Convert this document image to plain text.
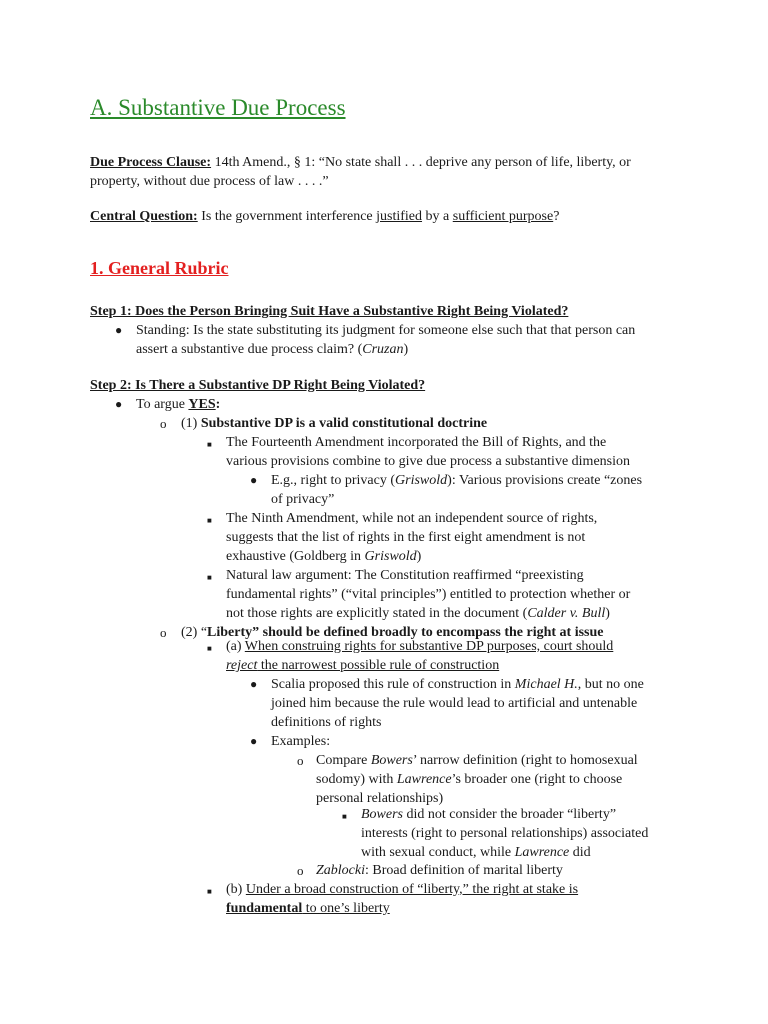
A. Substantive Due Process
Due Process Clause: 14th Amend., § 1: “No state shall . . . deprive any person of life, liberty, or
property, without due process of law . . . .”
Central Question: Is the government interference justified by a sufficient purpose?
1. General Rubric
Step 1: Does the Person Bringing Suit Have a Substantive Right Being Violated?
● Standing: Is the state substituting its judgment for someone else such that that person can
assert a substantive due process claim? (Cruzan)
Step 2: Is There a Substantive DP Right Being Violated?
● To argue YES:
o (1) Substantive DP is a valid constitutional doctrine
■ The Fourteenth Amendment incorporated the Bill of Rights, and the
various provisions combine to give due process a substantive dimension
● E.g., right to privacy (Griswold): Various provisions create “zones
of privacy”
■ The Ninth Amendment, while not an independent source of rights,
suggests that the list of rights in the first eight amendment is not
exhaustive (Goldberg in Griswold)
■ Natural law argument: The Constitution reaffirmed “preexisting
fundamental rights” (“vital principles”) entitled to protection whether or
not those rights are explicitly stated in the document (Calder v. Bull)
o (2) “Liberty” should be defined broadly to encompass the right at issue
■ (a) When construing rights for substantive DP purposes, court should
reject the narrowest possible rule of construction
● Scalia proposed this rule of construction in Michael H., but no one
joined him because the rule would lead to artificial and untenable
definitions of rights
● Examples:
o Compare Bowers’ narrow definition (right to homosexual
sodomy) with Lawrence’s broader one (right to choose
personal relationships)
■ Bowers did not consider the broader “liberty”
interests (right to personal relationships) associated
with sexual conduct, while Lawrence did
o Zablocki: Broad definition of marital liberty
■ (b) Under a broad construction of “liberty,” the right at stake is
fundamental to one’s liberty
